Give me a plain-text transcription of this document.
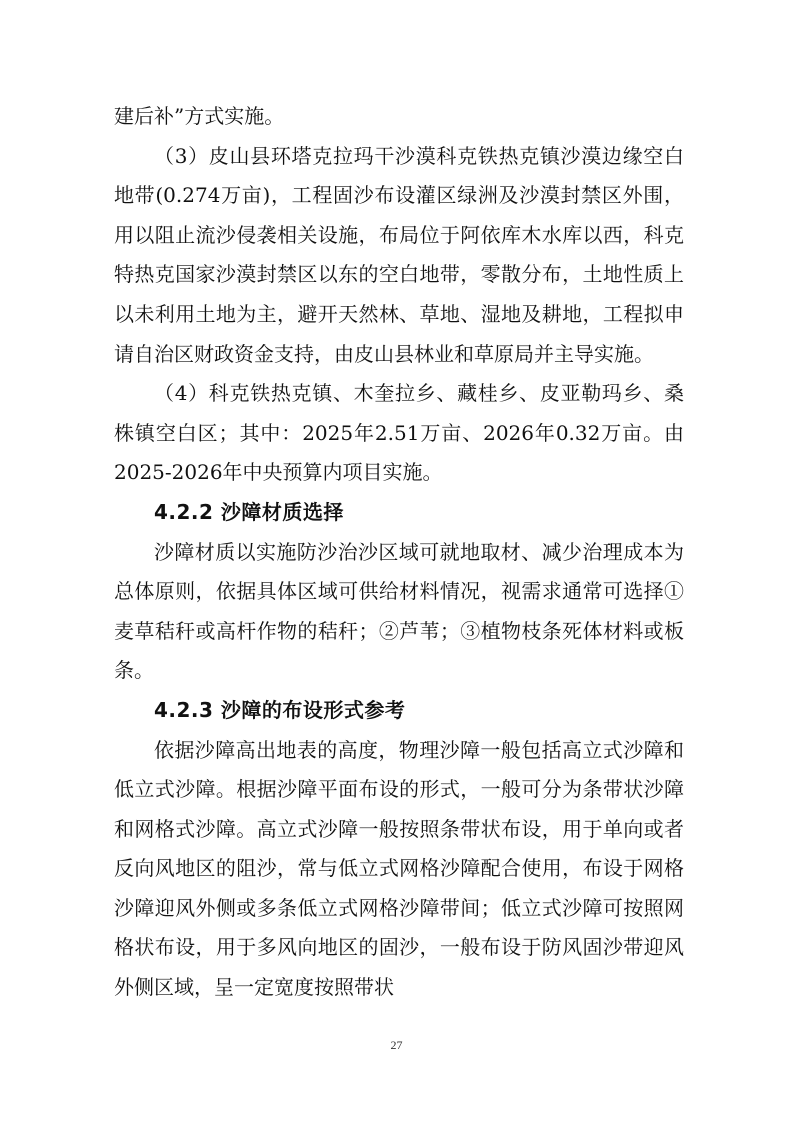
建后补”方式实施。

（3）皮山县环塔克拉玛干沙漠科克铁热克镇沙漠边缘空白地带(0.274万亩)，工程固沙布设灌区绿洲及沙漠封禁区外围，用以阻止流沙侵袭相关设施，布局位于阿依库木水库以西，科克特热克国家沙漠封禁区以东的空白地带，零散分布，土地性质上以未利用土地为主，避开天然林、草地、湿地及耕地，工程拟申请自治区财政资金支持，由皮山县林业和草原局并主导实施。

（4）科克铁热克镇、木奎拉乡、藏桂乡、皮亚勒玛乡、桑株镇空白区；其中：2025年2.51万亩、2026年0.32万亩。由2025-2026年中央预算内项目实施。

4.2.2 沙障材质选择

沙障材质以实施防沙治沙区域可就地取材、减少治理成本为总体原则，依据具体区域可供给材料情况，视需求通常可选择①麦草秸秆或高杆作物的秸秆；②芦苇；③植物枝条死体材料或板条。

4.2.3 沙障的布设形式参考

依据沙障高出地表的高度，物理沙障一般包括高立式沙障和低立式沙障。根据沙障平面布设的形式，一般可分为条带状沙障和网格式沙障。高立式沙障一般按照条带状布设，用于单向或者反向风地区的阻沙，常与低立式网格沙障配合使用，布设于网格沙障迎风外侧或多条低立式网格沙障带间；低立式沙障可按照网格状布设，用于多风向地区的固沙，一般布设于防风固沙带迎风外侧区域，呈一定宽度按照带状

27
